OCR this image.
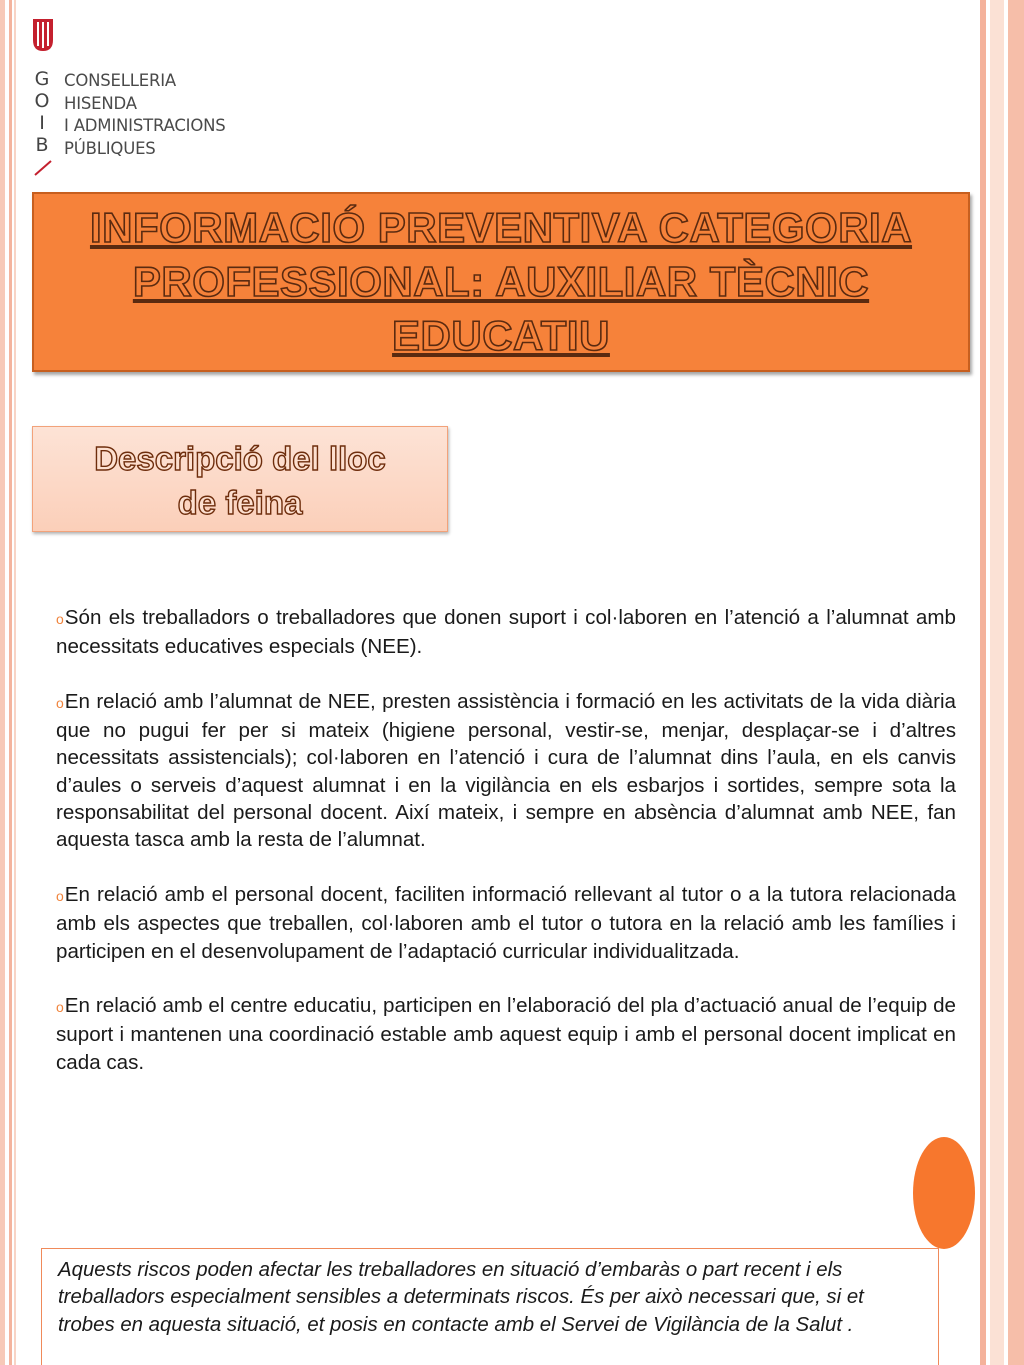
G
O
I
B
CONSELLERIA
HISENDA
I ADMINISTRACIONS
PÚBLIQUES
INFORMACIÓ PREVENTIVA CATEGORIA
PROFESSIONAL: AUXILIAR TÈCNIC
EDUCATIU
Descripció del lloc
de feina

oSón els treballadors o treballadores que donen suport i col·laboren en l’atenció a l’alumnat amb necessitats educatives especials (NEE).

oEn relació amb l’alumnat de NEE, presten assistència i formació en les activitats de la vida diària que no pugui fer per si mateix (higiene personal, vestir-se, menjar, desplaçar-se i d’altres necessitats assistencials); col·laboren en l’atenció i cura de l’alumnat dins l’aula, en els canvis d’aules o serveis d’aquest alumnat i en la vigilància en els esbarjos i sortides, sempre sota la responsabilitat del personal docent. Així mateix, i sempre en absència d’alumnat amb NEE, fan aquesta tasca amb la resta de l’alumnat.

oEn relació amb el personal docent, faciliten informació rellevant al tutor o a la tutora relacionada amb els aspectes que treballen, col·laboren amb el tutor o tutora en la relació amb les famílies i participen en el desenvolupament de l’adaptació curricular individualitzada.

oEn relació amb el centre educatiu, participen en l’elaboració del pla d’actuació anual de l’equip de suport i mantenen una coordinació estable amb aquest equip i amb el personal docent implicat en cada cas.

Aquests riscos poden afectar les treballadores en situació d’embaràs o part recent i els treballadors especialment sensibles a determinats riscos. És per això necessari que, si et trobes en aquesta situació, et posis en contacte amb el Servei de Vigilància de la Salut .
